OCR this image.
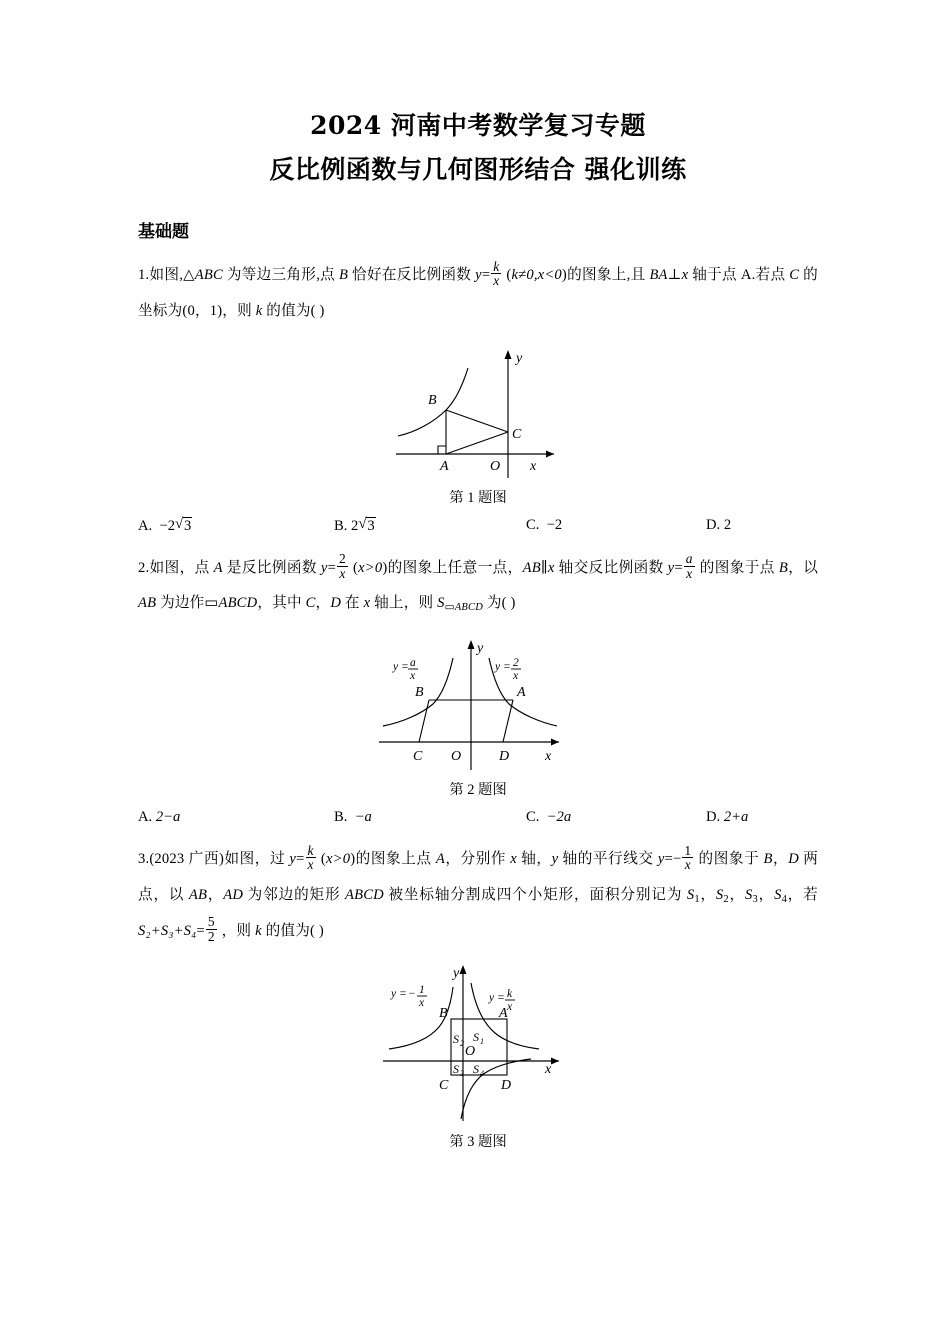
2024 河南中考数学复习专题
反比例函数与几何图形结合 强化训练
基础题
1.如图,△ABC 为等边三角形,点 B 恰好在反比例函数 $y= \frac{k}{x} (k\ne 0,x<0)$的图象上,且 BA⊥x 轴于点 A.若点 C 的坐标为(0，1)，则 k 的值为( )
B
C
A	O x
y
第 1 题图
A.  −2 √ 3	B. 2 √ 3	C. −2	D. 2
2.如图，点 A 是反比例函数 $y= \frac{2}{x} (x>0)$的图象上任意一点，AB∥x 轴交反比例函数 $y= \frac{a}{x}$ 的图象于点 B，以 AB 为边作▭ABCD，其中 C，D 在 x 轴上，则 $S_{▭ABCD}$ 为( )
y = a
x
y = 2
x
B	A
C O	D	x
y
第 2 题图
A. 2−a	B. −a	C. −2a	D. 2+a
3.(2023 广西)如图，过 $y= \frac{k}{x} (x>0)$的图象上点 A，分别作 x 轴，y 轴的平行线交 $y=- \frac{1}{x}$ 的图象于 B，D 两点，以 AB，AD 为邻边的矩形 ABCD 被坐标轴分割成四个小矩形，面积分别记为 $S_1$，$S_2$，$S_3$，$S_4$，若 $S_2+S_3+S_4= \frac{5}{2}$ ，则 k 的值为( )
S 2 S 1
S 3 S 4
y = − 1
x	y = k
x
B	A
C	D
O
x
y
第 3 题图
